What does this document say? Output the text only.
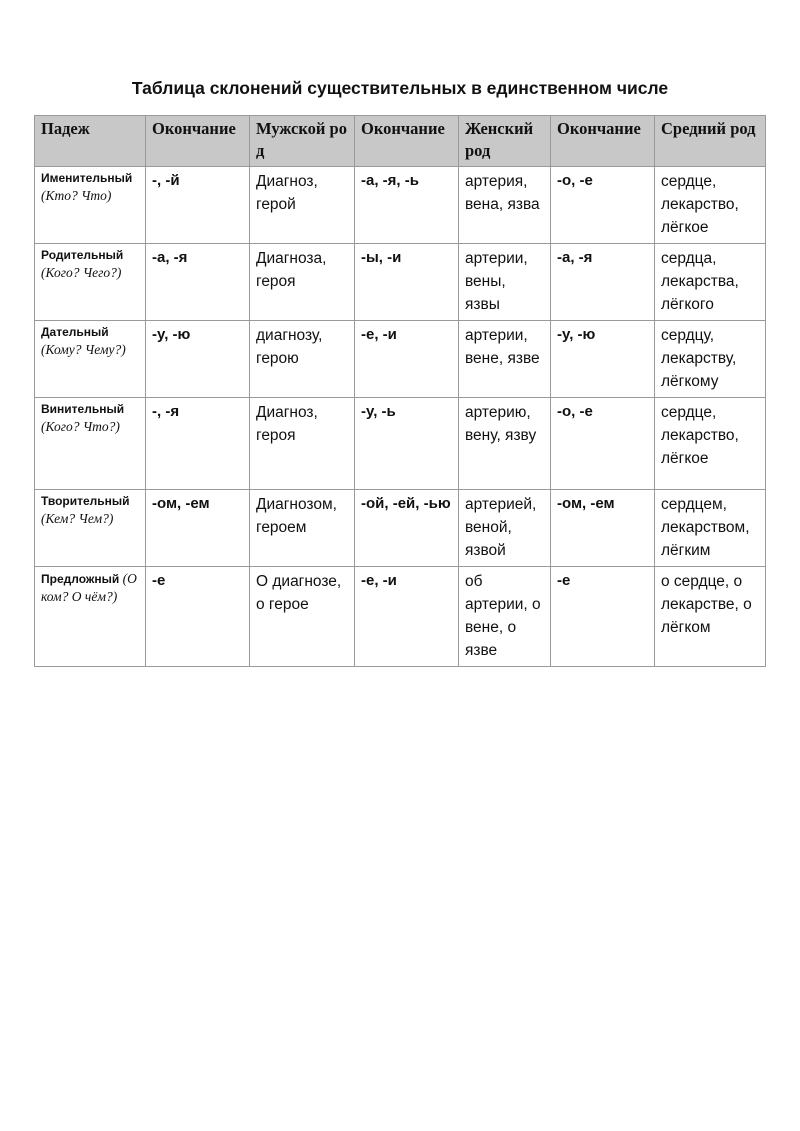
Таблица склонений существительных в единственном числе
Падеж	Окончание	Мужской род	Окончание	Женский род	Окончание	Средний род
Именительный (Кто? Что)	-, -й	Диагноз, герой	-а, -я, -ь	артерия, вена, язва	-о, -е	сердце, лекарство, лёгкое
Родительный (Кого? Чего?)	-а, -я	Диагноза, героя	-ы, -и	артерии, вены, язвы	-а, -я	сердца, лекарства, лёгкого
Дательный (Кому? Чему?)	-у, -ю	диагнозу, герою	-е, -и	артерии, вене, язве	-у, -ю	сердцу, лекарству, лёгкому
Винительный (Кого? Что?)	-, -я	Диагноз, героя	-у, -ь	артерию, вену, язву	-о, -е	сердце, лекарство, лёгкое
Творительный (Кем? Чем?)	-ом, -ем	Диагнозом, героем	-ой, -ей, -ью	артерией, веной, язвой	-ом, -ем	сердцем, лекарством, лёгким
Предложный (О ком? О чём?)	-е	О диагнозе, о герое	-е, -и	об артерии, о вене, о язве	-е	о сердце, о лекарстве, о лёгком
